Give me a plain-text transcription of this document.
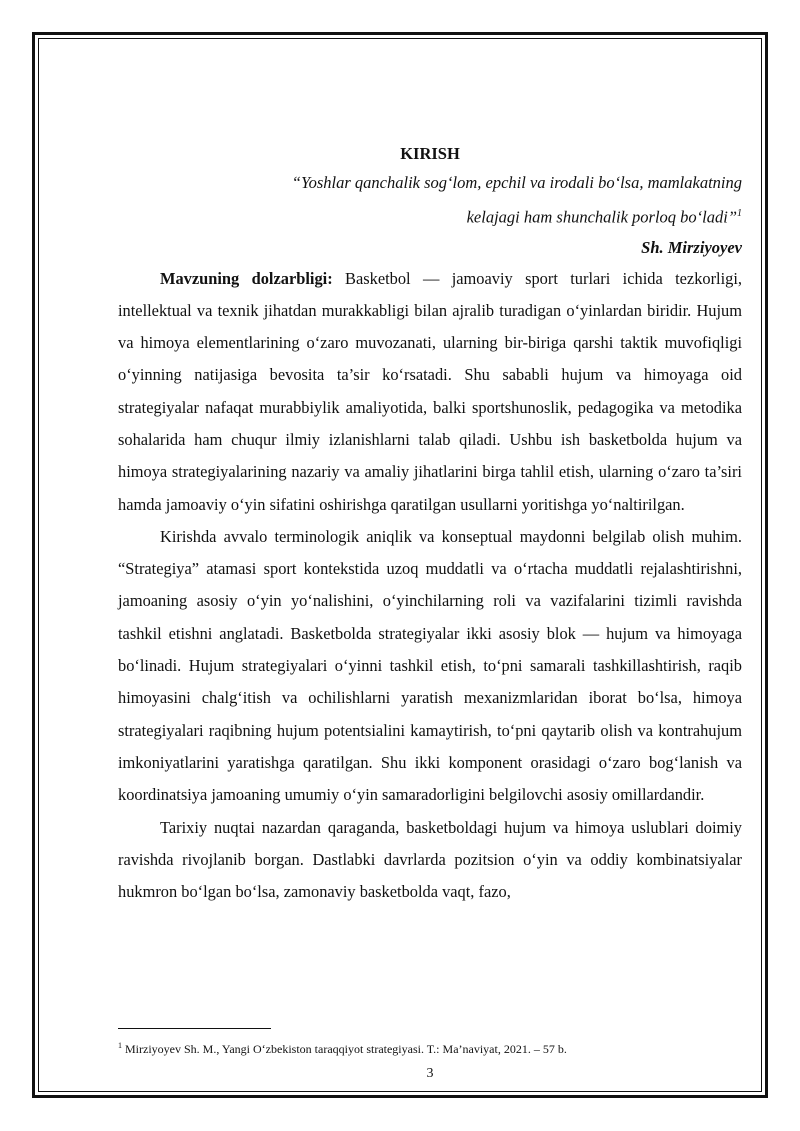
KIRISH

“Yoshlar qanchalik sog‘lom, epchil va irodali bo‘lsa, mamlakatning
kelajagi ham shunchalik porloq bo‘ladi”$^1$

Sh. Mirziyoyev

Mavzuning dolzarbligi: Basketbol — jamoaviy sport turlari ichida tezkorligi, intellektual va texnik jihatdan murakkabligi bilan ajralib turadigan o‘yinlardan biridir. Hujum va himoya elementlarining o‘zaro muvozanati, ularning bir-biriga qarshi taktik muvofiqligi o‘yinning natijasiga bevosita ta’sir ko‘rsatadi. Shu sababli hujum va himoyaga oid strategiyalar nafaqat murabbiylik amaliyotida, balki sportshunoslik, pedagogika va metodika sohalarida ham chuqur ilmiy izlanishlarni talab qiladi. Ushbu ish basketbolda hujum va himoya strategiyalarining nazariy va amaliy jihatlarini birga tahlil etish, ularning o‘zaro ta’siri hamda jamoaviy o‘yin sifatini oshirishga qaratilgan usullarni yoritishga yo‘naltirilgan.

Kirishda avvalo terminologik aniqlik va konseptual maydonni belgilab olish muhim. “Strategiya” atamasi sport kontekstida uzoq muddatli va o‘rtacha muddatli rejalashtirishni, jamoaning asosiy o‘yin yo‘nalishini, o‘yinchilarning roli va vazifalarini tizimli ravishda tashkil etishni anglatadi. Basketbolda strategiyalar ikki asosiy blok — hujum va himoyaga bo‘linadi. Hujum strategiyalari o‘yinni tashkil etish, to‘pni samarali tashkillashtirish, raqib himoyasini chalg‘itish va ochilishlarni yaratish mexanizmlaridan iborat bo‘lsa, himoya strategiyalari raqibning hujum potentsialini kamaytirish, to‘pni qaytarib olish va kontrahujum imkoniyatlarini yaratishga qaratilgan. Shu ikki komponent orasidagi o‘zaro bog‘lanish va koordinatsiya jamoaning umumiy o‘yin samaradorligini belgilovchi asosiy omillardandir.

Tarixiy nuqtai nazardan qaraganda, basketboldagi hujum va himoya uslublari doimiy ravishda rivojlanib borgan. Dastlabki davrlarda pozitsion o‘yin va oddiy kombinatsiyalar hukmron bo‘lgan bo‘lsa, zamonaviy basketbolda vaqt, fazo,

$^1$ Mirziyoyev Sh. M., Yangi O‘zbekiston taraqqiyot strategiyasi. T.: Ma’naviyat, 2021. – 57 b.
3
